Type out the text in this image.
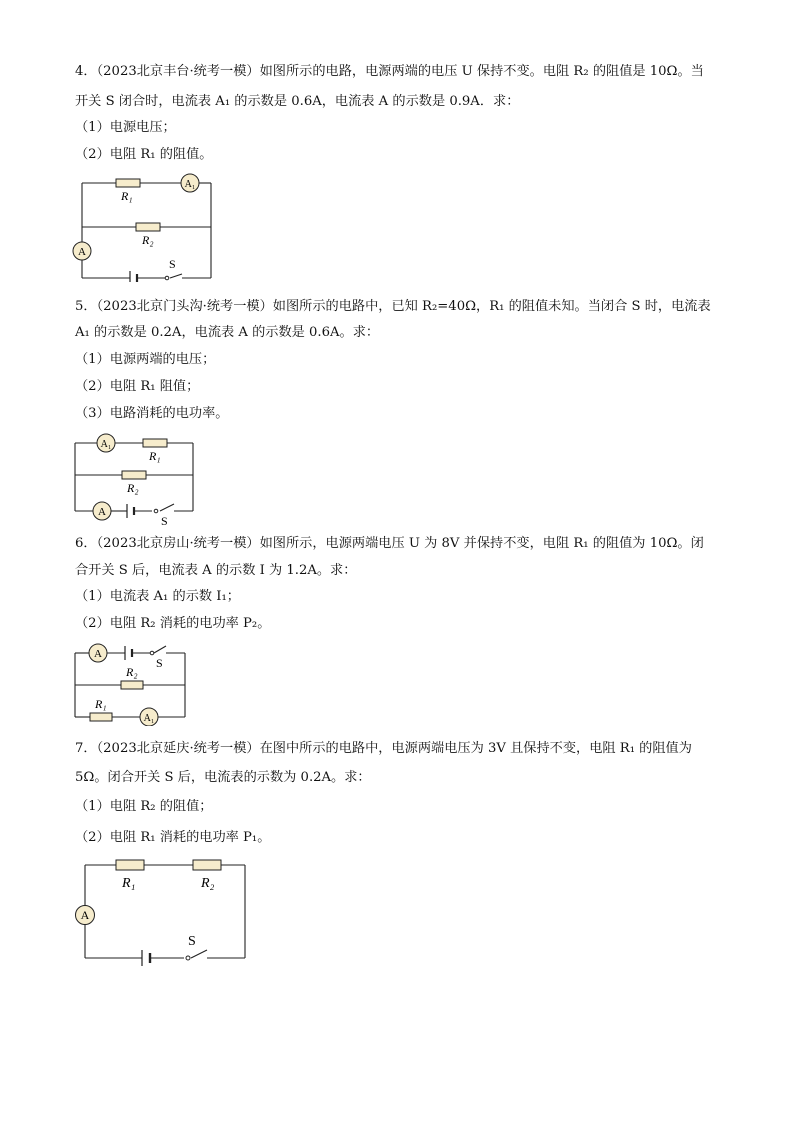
4．（2023北京丰台·统考一模）如图所示的电路，电源两端的电压 U 保持不变。电阻 R₂ 的阻值是 10Ω。当
开关 S 闭合时，电流表 A₁ 的示数是 0.6A，电流表 A 的示数是 0.9A．求：
（1）电源电压；
（2）电阻 R₁ 的阻值。
R₁
R₂
A₁
A
S
5．（2023北京门头沟·统考一模）如图所示的电路中，已知 R₂=40Ω，R₁ 的阻值未知。当闭合 S 时，电流表
A₁ 的示数是 0.2A，电流表 A 的示数是 0.6A。求：
（1）电源两端的电压；
（2）电阻 R₁ 阻值；
（3）电路消耗的电功率。
R₁
R₂
A₁
A
S
6．（2023北京房山·统考一模）如图所示，电源两端电压 U 为 8V 并保持不变，电阻 R₁ 的阻值为 10Ω。闭
合开关 S 后，电流表 A 的示数 I 为 1.2A。求：
（1）电流表 A₁ 的示数 I₁；
（2）电阻 R₂ 消耗的电功率 P₂。
R₂
R₁
A
A₁
S
7．（2023北京延庆·统考一模）在图中所示的电路中，电源两端电压为 3V 且保持不变，电阻 R₁ 的阻值为
5Ω。闭合开关 S 后，电流表的示数为 0.2A。求：
（1）电阻 R₂ 的阻值；
（2）电阻 R₁ 消耗的电功率 P₁。
R₁	R₂
A
S
